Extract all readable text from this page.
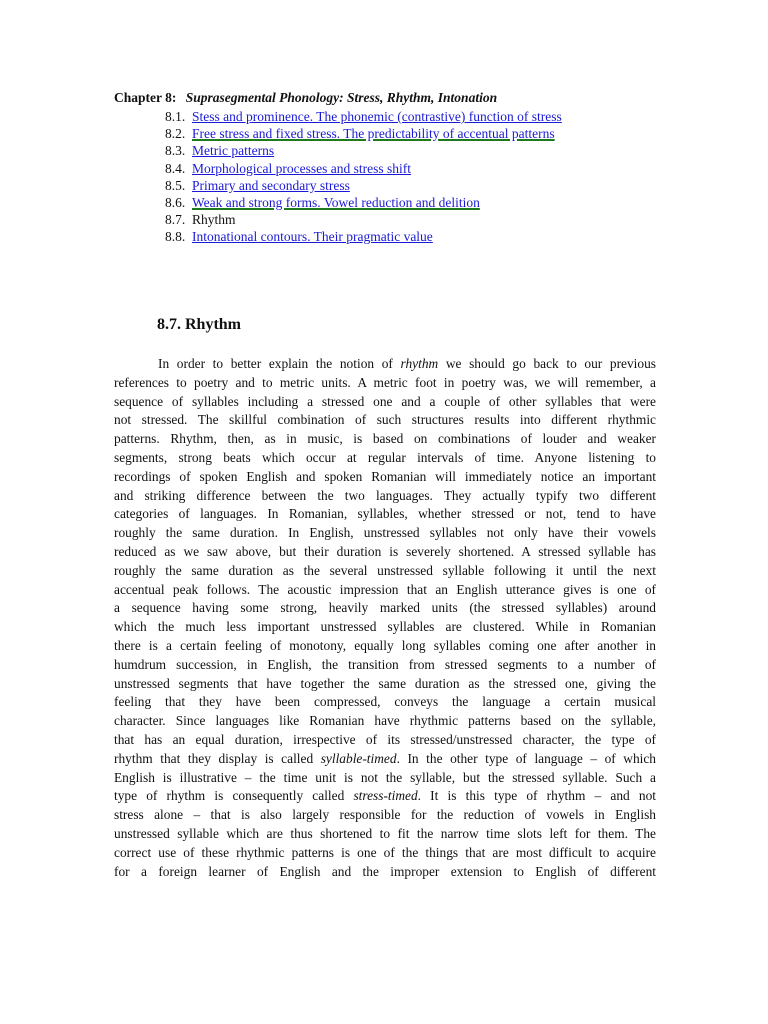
Chapter 8: Suprasegmental Phonology: Stress, Rhythm, Intonation
8.1. Stess and prominence. The phonemic (contrastive) function of stress
8.2. Free stress and fixed stress. The predictability of accentual patterns
8.3. Metric patterns
8.4. Morphological processes and stress shift
8.5. Primary and secondary stress
8.6. Weak and strong forms. Vowel reduction and delition
8.7. Rhythm
8.8. Intonational contours. Their pragmatic value
8.7. Rhythm
In order to better explain the notion of rhythm we should go back to our previous
references to poetry and to metric units. A metric foot in poetry was, we will remember, a
sequence of syllables including a stressed one and a couple of other syllables that were
not stressed. The skillful combination of such structures results into different rhythmic
patterns. Rhythm, then, as in music, is based on combinations of louder and weaker
segments, strong beats which occur at regular intervals of time. Anyone listening to
recordings of spoken English and spoken Romanian will immediately notice an important
and striking difference between the two languages. They actually typify two different
categories of languages. In Romanian, syllables, whether stressed or not, tend to have
roughly the same duration. In English, unstressed syllables not only have their vowels
reduced as we saw above, but their duration is severely shortened. A stressed syllable has
roughly the same duration as the several unstressed syllable following it until the next
accentual peak follows. The acoustic impression that an English utterance gives is one of
a sequence having some strong, heavily marked units (the stressed syllables) around
which the much less important unstressed syllables are clustered. While in Romanian
there is a certain feeling of monotony, equally long syllables coming one after another in
humdrum succession, in English, the transition from stressed segments to a number of
unstressed segments that have together the same duration as the stressed one, giving the
feeling that they have been compressed, conveys the language a certain musical
character. Since languages like Romanian have rhythmic patterns based on the syllable,
that has an equal duration, irrespective of its stressed/unstressed character, the type of
rhythm that they display is called syllable-timed. In the other type of language – of which
English is illustrative – the time unit is not the syllable, but the stressed syllable. Such a
type of rhythm is consequently called stress-timed. It is this type of rhythm – and not
stress alone – that is also largely responsible for the reduction of vowels in English
unstressed syllable which are thus shortened to fit the narrow time slots left for them. The
correct use of these rhythmic patterns is one of the things that are most difficult to acquire
for a foreign learner of English and the improper extension to English of different
